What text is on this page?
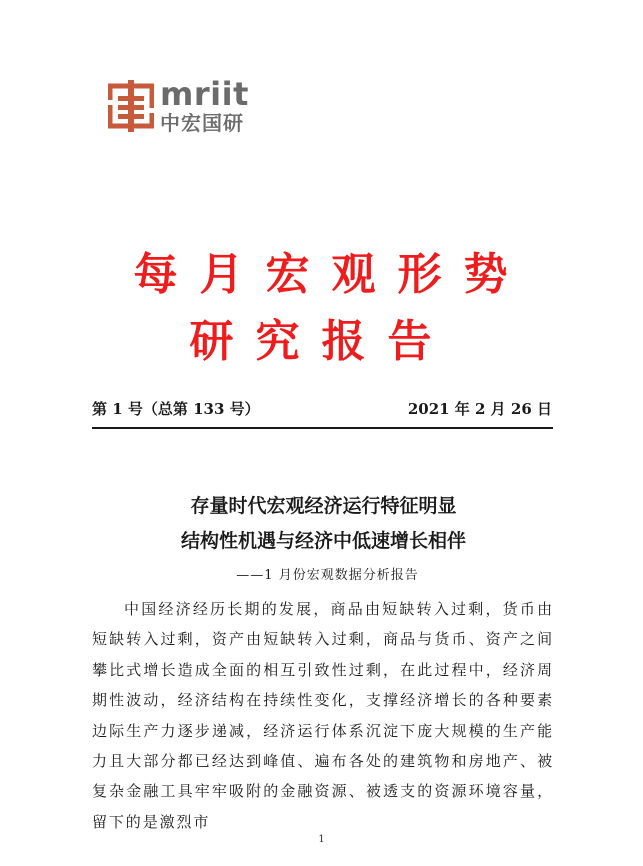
mriit
中宏国研
每月宏观形势
研究报告
第 1 号（总第 133 号）	2021 年 2 月 26 日
存量时代宏观经济运行特征明显
结构性机遇与经济中低速增长相伴
——1 月份宏观数据分析报告

中国经济经历长期的发展，商品由短缺转入过剩，货币由短缺转入过剩，资产由短缺转入过剩，商品与货币、资产之间攀比式增长造成全面的相互引致性过剩，在此过程中，经济周期性波动，经济结构在持续性变化，支撑经济增长的各种要素边际生产力逐步递减，经济运行体系沉淀下庞大规模的生产能力且大部分都已经达到峰值、遍布各处的建筑物和房地产、被复杂金融工具牢牢吸附的金融资源、被透支的资源环境容量，留下的是激烈市

1
